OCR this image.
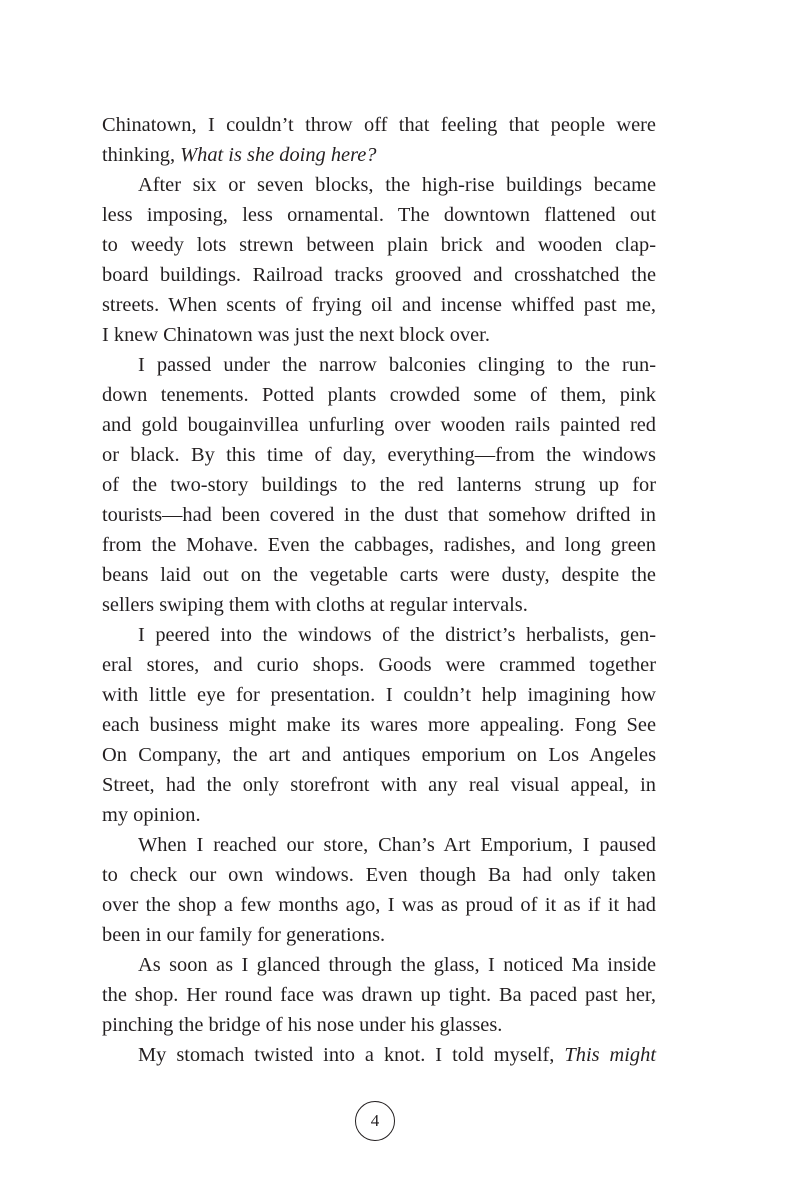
Chinatown, I couldn’t throw off that feeling that people were
thinking, What is she doing here?
After six or seven blocks, the high-rise buildings became
less imposing, less ornamental. The downtown flattened out
to weedy lots strewn between plain brick and wooden clap-
board buildings. Railroad tracks grooved and crosshatched the
streets. When scents of frying oil and incense whiffed past me,
I knew Chinatown was just the next block over.
I passed under the narrow balconies clinging to the run-
down tenements. Potted plants crowded some of them, pink
and gold bougainvillea unfurling over wooden rails painted red
or black. By this time of day, everything—from the windows
of the two-story buildings to the red lanterns strung up for
tourists—had been covered in the dust that somehow drifted in
from the Mohave. Even the cabbages, radishes, and long green
beans laid out on the vegetable carts were dusty, despite the
sellers swiping them with cloths at regular intervals.
I peered into the windows of the district’s herbalists, gen-
eral stores, and curio shops. Goods were crammed together
with little eye for presentation. I couldn’t help imagining how
each business might make its wares more appealing. Fong See
On Company, the art and antiques emporium on Los Angeles
Street, had the only storefront with any real visual appeal, in
my opinion.
When I reached our store, Chan’s Art Emporium, I paused
to check our own windows. Even though Ba had only taken
over the shop a few months ago, I was as proud of it as if it had
been in our family for generations.
As soon as I glanced through the glass, I noticed Ma inside
the shop. Her round face was drawn up tight. Ba paced past her,
pinching the bridge of his nose under his glasses.
My stomach twisted into a knot. I told myself, This might
4
